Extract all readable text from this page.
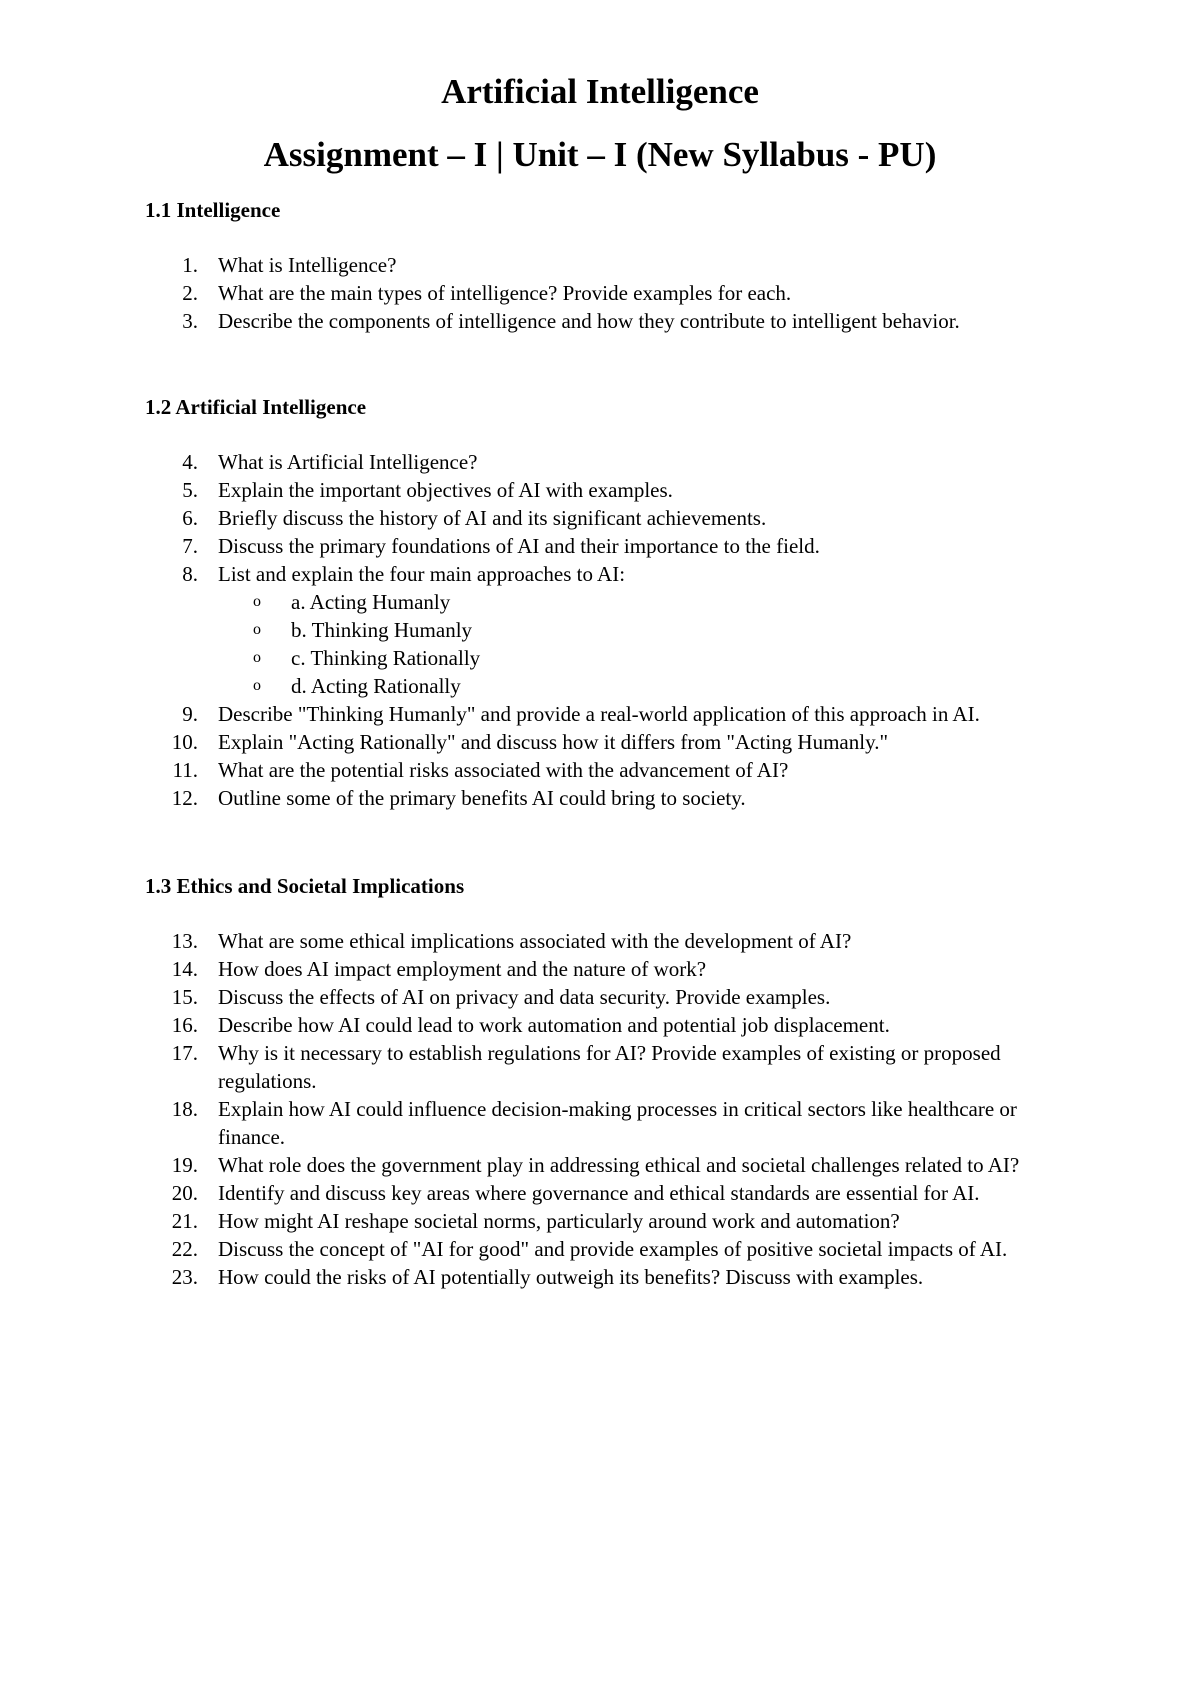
Artificial Intelligence
Assignment – I | Unit – I (New Syllabus - PU)

1.1 Intelligence

1. What is Intelligence?
2. What are the main types of intelligence? Provide examples for each.
3. Describe the components of intelligence and how they contribute to intelligent behavior.

1.2 Artificial Intelligence

4. What is Artificial Intelligence?
5. Explain the important objectives of AI with examples.
6. Briefly discuss the history of AI and its significant achievements.
7. Discuss the primary foundations of AI and their importance to the field.
8. List and explain the four main approaches to AI:
o a. Acting Humanly
o b. Thinking Humanly
o c. Thinking Rationally
o d. Acting Rationally
9. Describe "Thinking Humanly" and provide a real-world application of this approach in AI.
10. Explain "Acting Rationally" and discuss how it differs from "Acting Humanly."
11. What are the potential risks associated with the advancement of AI?
12. Outline some of the primary benefits AI could bring to society.

1.3 Ethics and Societal Implications

13. What are some ethical implications associated with the development of AI?
14. How does AI impact employment and the nature of work?
15. Discuss the effects of AI on privacy and data security. Provide examples.
16. Describe how AI could lead to work automation and potential job displacement.
17. Why is it necessary to establish regulations for AI? Provide examples of existing or proposed regulations.
18. Explain how AI could influence decision-making processes in critical sectors like healthcare or finance.
19. What role does the government play in addressing ethical and societal challenges related to AI?
20. Identify and discuss key areas where governance and ethical standards are essential for AI.
21. How might AI reshape societal norms, particularly around work and automation?
22. Discuss the concept of "AI for good" and provide examples of positive societal impacts of AI.
23. How could the risks of AI potentially outweigh its benefits? Discuss with examples.
